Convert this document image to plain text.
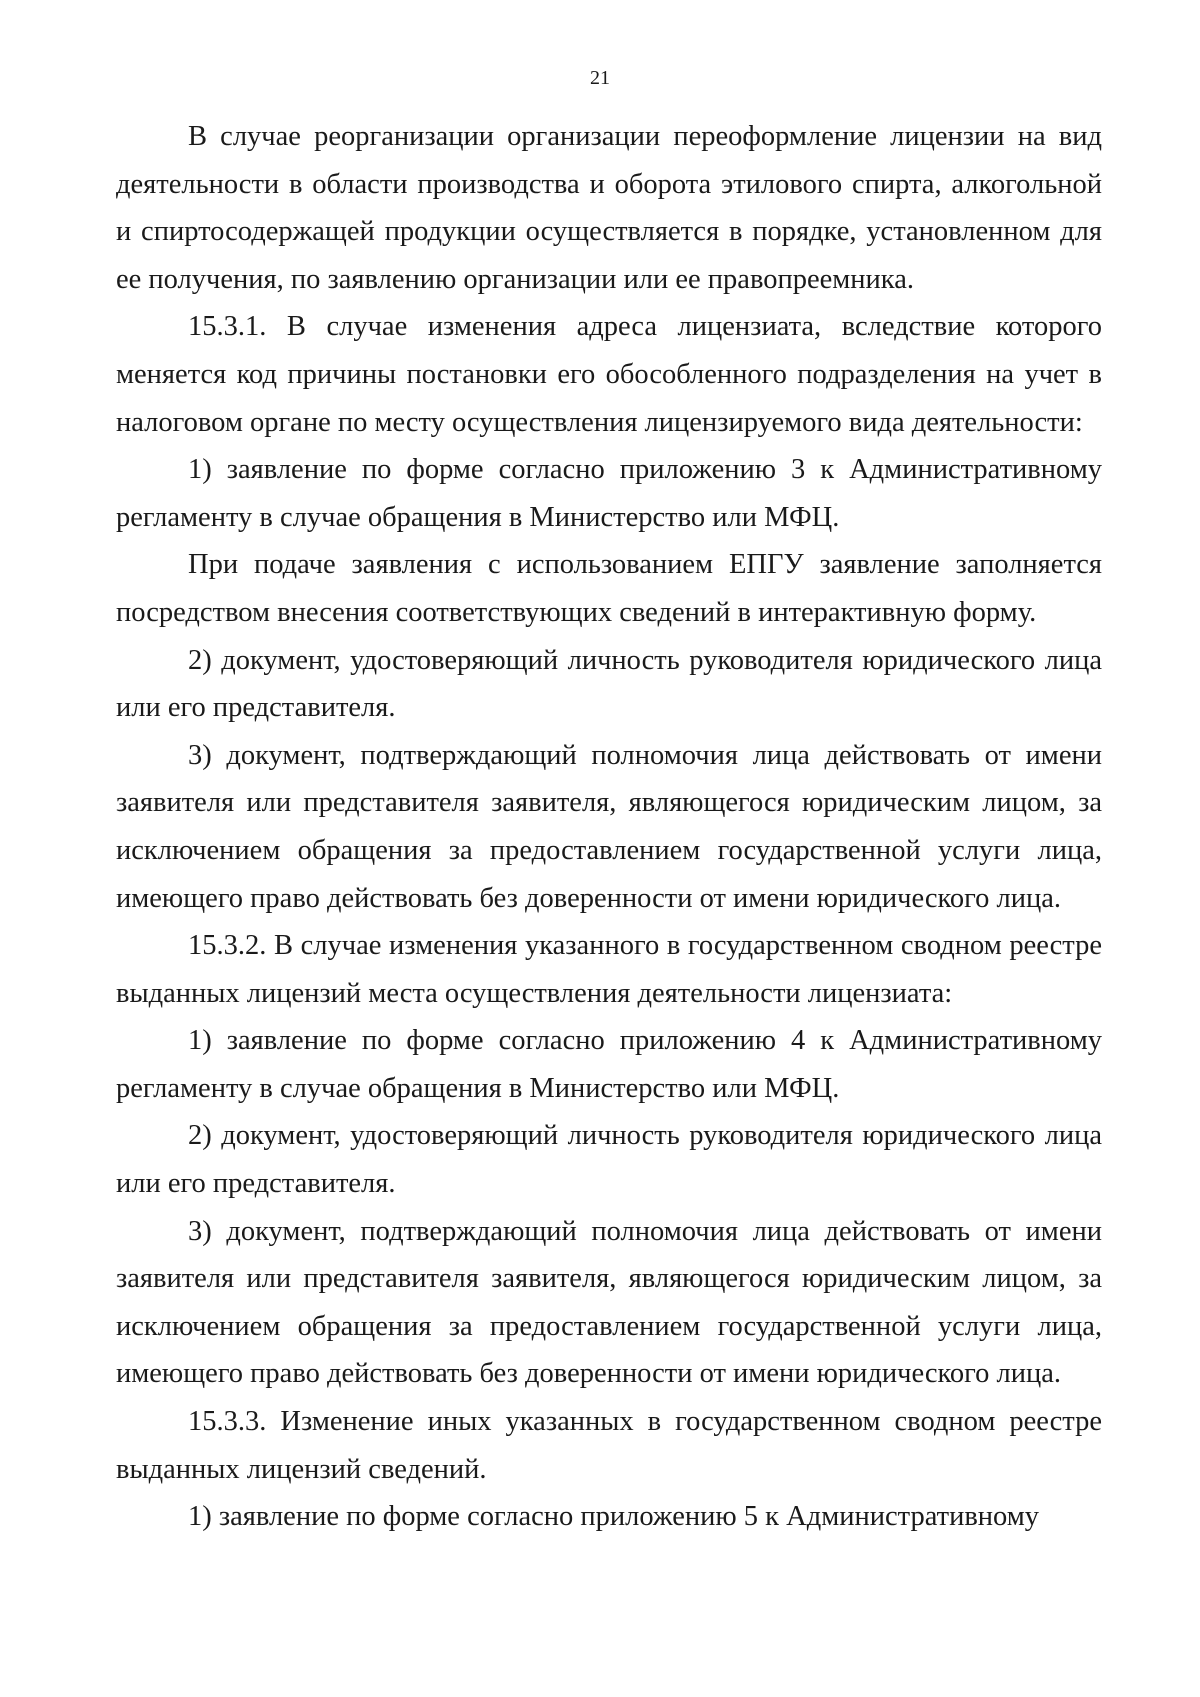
21

В случае реорганизации организации переоформление лицензии на вид деятельности в области производства и оборота этилового спирта, алкогольной и спиртосодержащей продукции осуществляется в порядке, установленном для ее получения, по заявлению организации или ее правопреемника.

15.3.1. В случае изменения адреса лицензиата, вследствие которого меняется код причины постановки его обособленного подразделения на учет в налоговом органе по месту осуществления лицензируемого вида деятельности:

1) заявление по форме согласно приложению 3 к Административному регламенту в случае обращения в Министерство или МФЦ.

При подаче заявления с использованием ЕПГУ заявление заполняется посредством внесения соответствующих сведений в интерактивную форму.

2) документ, удостоверяющий личность руководителя юридического лица или его представителя.

3) документ, подтверждающий полномочия лица действовать от имени заявителя или представителя заявителя, являющегося юридическим лицом, за исключением обращения за предоставлением государственной услуги лица, имеющего право действовать без доверенности от имени юридического лица.

15.3.2. В случае изменения указанного в государственном сводном реестре выданных лицензий места осуществления деятельности лицензиата:

1) заявление по форме согласно приложению 4 к Административному регламенту в случае обращения в Министерство или МФЦ.

2) документ, удостоверяющий личность руководителя юридического лица или его представителя.

3) документ, подтверждающий полномочия лица действовать от имени заявителя или представителя заявителя, являющегося юридическим лицом, за исключением обращения за предоставлением государственной услуги лица, имеющего право действовать без доверенности от имени юридического лица.

15.3.3. Изменение иных указанных в государственном сводном реестре выданных лицензий сведений.

1) заявление по форме согласно приложению 5 к Административному
